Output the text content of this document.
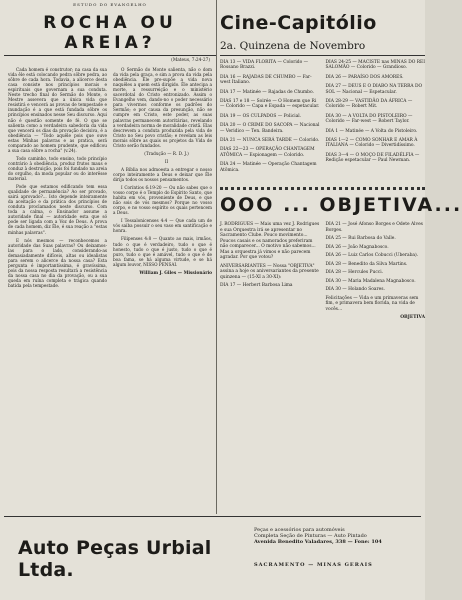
ESTUDO DO EVANGELHO
ROCHA OU AREIA?
(Mateus, 7:24-27)

Cada homem é construtor; na casa da sua vida êle está colocando pedra sôbre pedra, ao sôbre de cada hora. Todavia, a alicerce desta casa consiste nos princípios morais e espirituais que governam a sua conduta. Neste trecho final do Sermão do Monte, o Mestre assevera que a única vida que resistirá e vencerá as provas de tempestade e inundação é a que está fundada sôbre os princípios ensinados nesse Seu discurso. Aqui não é questão somente de fé. O que se salienta como a verdadeira sabedoria da vida que vencerá os dias da provação decisiva, é a obediência — "Todo aquêle pois que ouve estas Minhas palavras e as pratica, será comparado ao homem prudente, que edificou a sua casa sôbre a rocha" (v.24).

Todo caminho, todo ensino, todo princípio contrário à obediência, produz frutos maus e conduz à destruição, pois foi fundado na areia do orgulho, da moda popular ou do interêsse material.

Pode que estamos edificando tem essa qualidade de permanência? Ao ser provado, sairá aprovado?... Isto depende inteiramente da aceitação e da prática dos princípios de conduta proclamados neste discurso. Com toda a calma, o Ensinador assume a autoridade final — autoridade esta que só pode ser ligada com a Voz de Deus. A prova de cada homem, diz Êle, é sua reação a "estas minhas palavras".

E nós mesmos — reconhecemos a autoridade das Suas palavras? Ou deixamos-las para o lado, considerando-as demasiadamente difíceis, altas ou idealistas para serem o alicerce da nossa casa? Esta pergunta é importantíssima, é gravíssima, pois da nossa resposta resultará a resistência da nossa casa no dia da provação, ou a sua queda em ruína completa e trágica quando batida pela tempestade.

O Sermão do Monte salienta, não o dom da vida pela graça, e sim a prova da vida pela obediência. Êle pre-supõe a vida nova naquêles a quem está dirigido. Êle antecipa a morte, a ressurreição e o ministério sacerdotal do Cristo entronizado. Assim o Evangelho vem, dando-no o poder necessário para vivermos conforme os padrões do Sermão; e por causa da presunção, não se cumpre em Cristo, este poder, as suas palavras permanecem autoritárias, revelando a verdadeira norma de moralidade cristã. Elas descrevem a conduta produzida pela vida de Cristo no Seu povo cristão; e revelam as leis morais sôbre as quais os projetos da Vida de Cristo serão fundados.

(Tradução — R. D. J.)

II

A Bíblia nos admoesta a entregar o nosso corpo inteiramente a Deus e deixar que Êle dirija todos os nossos pensamentos.

I Coríntios 6:19-20 — Ou não sabes que o vosso corpo é o Templo do Espírito Santo, que habita em vós, proveniente de Deus, e que não sois de vós mesmos? Porque no vosso corpo, e no vosso espírito os quais pertencem a Deus.

I Tessalonicenses 4:4 — Que cada um de vós saiba possuir o seu vaso em santificação e honra.

Filipenses 4:8 — Quanto ao mais, irmãos, tudo o que é verdadeiro, tudo o que é honesto, tudo o que é justo, tudo o que é puro, tudo o que é amável, tudo o que é de boa fama, se há alguma virtude, e se há algum louvor, NISSO PENSAI.

William J. Giles — Missionário
Cine-Capitólio
2a. Quinzena de Novembro
DIA 13 — VIDA FLORITA — Colorido — Rossano Brazzi.
DIA 16 — RAJADAS DE CHUMBO — Far-west Italiano.
DIA 17 — Matinée — Rajadas de Chumbo.
DIAS 17 e 18 — Soirée — O Homem que Ri — Colorido — Capa e Espada — espetacular.
DIA 19 — OS CULPADOS — Policial.
DIA 20 — O CRIME DO SACOPA — Nacional — Veridico — Ten. Bandeira.
DIA 21 — NUNCA SERÁ TARDE — Colorido.
DIAS 22—23 — OPERAÇÃO CHANTAGEM ATÔMICA — Espionagem — Colorido.
DIA 24 — Matinée — Operação Chantagem Atômica.
DIAS 24-25 — MACISTE nas MINAS DO REI SALOMÃO — Colorido — Grandioso.
DIA 26 — PARAÍSO DOS AMORES.
DIA 27 — DEUS E O DIABO NA TERRA DO SOL — Nacional — Espetacular.
DIA 28-29 — VASTIDÃO DA ÁFRICA — Colorido — Robert Mit.
DIA 30 — A VOLTA DO PISTOLEIRO — Colorido — Far-west — Robert Taylor.
DIA 1 — Matinée — A Volta do Pistoleiro.
DIAS 1—2 — COMO SONHAR E AMAR À ITALIANA — Colorido — Divertidíssimo.
DIAS 3—4 — O MOÇO DE FILADÉLFIA — Redição espetacular — Paul Newman.
OOO ... OBJETIVA...

J. RODRIGUES — Mais uma vez J. Rodrigues e sua Orquestra irá se apresentar no Sacramento Clube. Pouco movimento... Poucos casais e os namorados preferiram não comparecer... O motivo não sabemos... Mas a orquestra já vimos e não parecem agradar. Por que votou?

ANIVERSARIANTES — Nossa "OBJETIVA" assina a hoje os aniversariantes da presente quinzena — (15-XI a 30-XI):

DIA 17 — Herbert Barbosa Lima

DIA 21 — José Afonso Borges e Odete Alves Borges.

DIA 25 — Rui Barbosa do Valle.

DIA 26 — João Magnabosco.

DIA 26 — Luiz Carlos Cobucci (Uberaba).

DIA 28 — Benedito da Silva Martins.

DIA 28 — Hercules Pucci.

DIA 30 — Maria Madalena Magnabosco.

DIA 30 — Holando Soares.

Felicitações — Vida e um primaveras sem fim, e primavera bem florida, na vida de vocês...

OBJETIVA

Auto Peças Urbial Ltda.
Peças e acessórios para automóveis
Completa Seção de Pinturas — Auto Pintado
Avenida Benedito Valadares, 338 — Fone: 104
SACRAMENTO — MINAS GERAIS
